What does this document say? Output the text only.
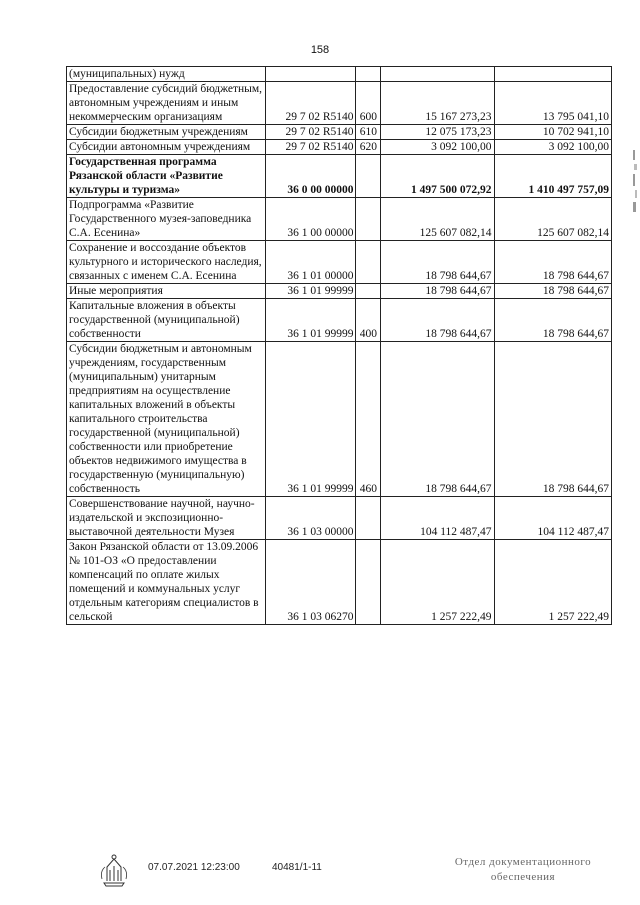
158
(муниципальных) нужд				
Предоставление субсидий бюджетным, автономным учреждениям и иным некоммерческим организациям	29 7 02 R5140	600	15 167 273,23	13 795 041,10
Субсидии бюджетным учреждениям	29 7 02 R5140	610	12 075 173,23	10 702 941,10
Субсидии автономным учреждениям	29 7 02 R5140	620	3 092 100,00	3 092 100,00
Государственная программа Рязанской области «Развитие культуры и туризма»	36 0 00 00000		1 497 500 072,92	1 410 497 757,09
Подпрограмма «Развитие Государственного музея-заповедника С.А. Есенина»	36 1 00 00000		125 607 082,14	125 607 082,14
Сохранение и воссоздание объектов культурного и исторического наследия, связанных с именем С.А. Есенина	36 1 01 00000		18 798 644,67	18 798 644,67
Иные мероприятия	36 1 01 99999		18 798 644,67	18 798 644,67
Капитальные вложения в объекты государственной (муниципальной) собственности	36 1 01 99999	400	18 798 644,67	18 798 644,67
Субсидии бюджетным и автономным учреждениям, государственным (муниципальным) унитарным предприятиям на осуществление капитальных вложений в объекты капитального строительства государственной (муниципальной) собственности или приобретение объектов недвижимого имущества в государственную (муниципальную) собственность	36 1 01 99999	460	18 798 644,67	18 798 644,67
Совершенствование научной, научно-издательской и экспозиционно-выставочной деятельности Музея	36 1 03 00000		104 112 487,47	104 112 487,47
Закон Рязанской области от 13.09.2006 № 101-ОЗ «О предоставлении компенсаций по оплате жилых помещений и коммунальных услуг отдельным категориям специалистов в сельской	36 1 03 06270		1 257 222,49	1 257 222,49
07.07.2021 12:23:00	40481/1-11	Отдел документационного
обеспечения
